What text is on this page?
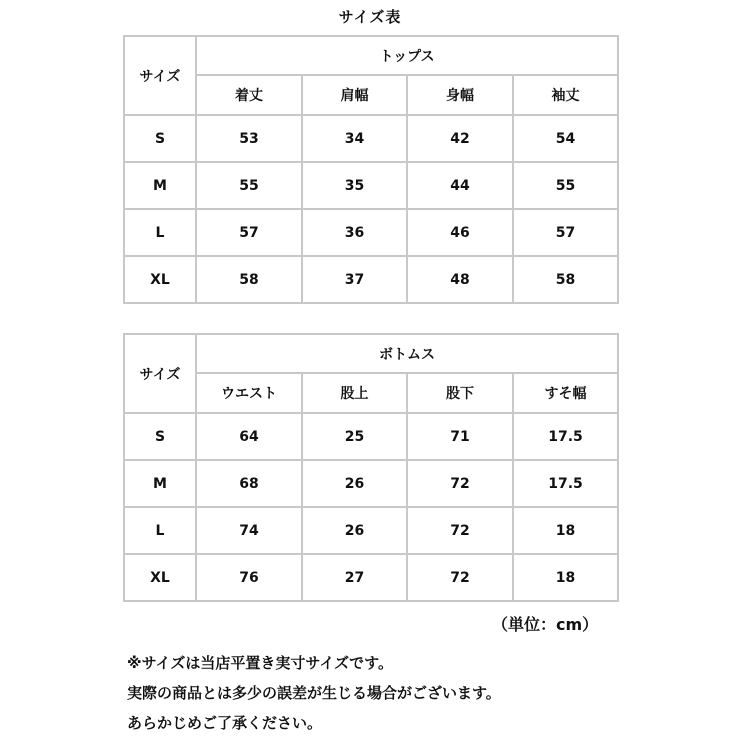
サイズ表
サイズ	トップス			
	着丈	肩幅	身幅	袖丈
S	53	34	42	54
M	55	35	44	55
L	57	36	46	57
XL	58	37	48	58
サイズ	ボトムス			
	ウエスト	股上	股下	すそ幅
S	64	25	71	17.5
M	68	26	72	17.5
L	74	26	72	18
XL	76	27	72	18
（単位：cm）
※サイズは当店平置き実寸サイズです。
実際の商品とは多少の誤差が生じる場合がございます。
あらかじめご了承ください。
